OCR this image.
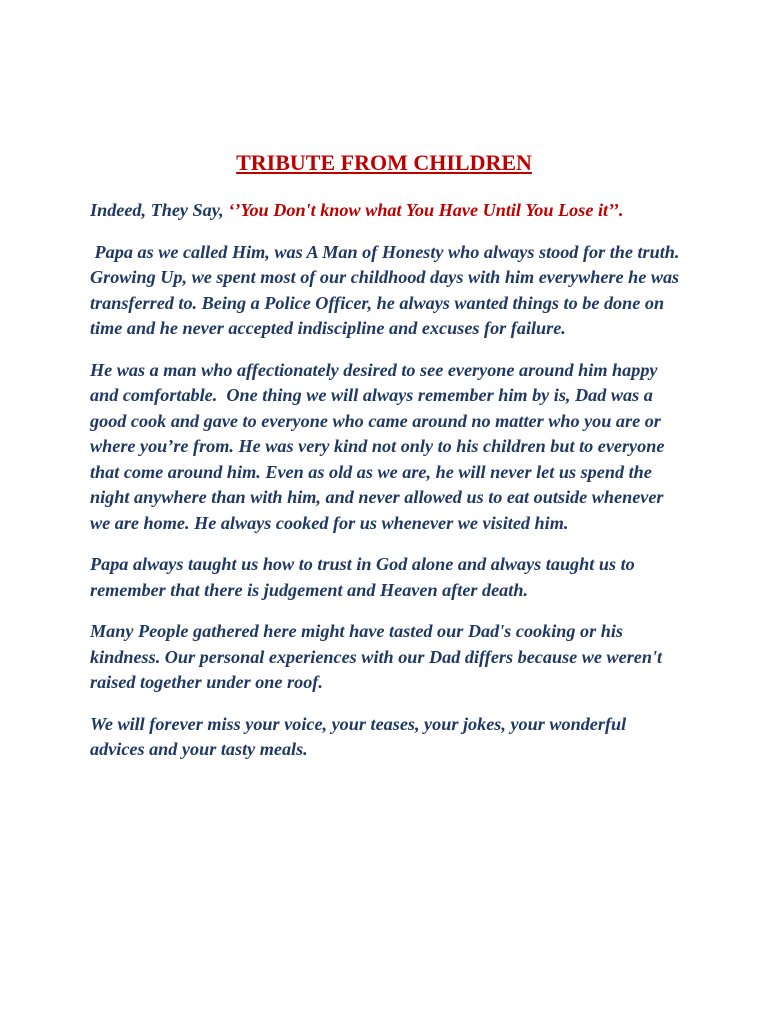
TRIBUTE FROM CHILDREN

Indeed, They Say, ‘’You Don't know what You Have Until You Lose it’’.

Papa as we called Him, was A Man of Honesty who always stood for the truth. Growing Up, we spent most of our childhood days with him everywhere he was transferred to. Being a Police Officer, he always wanted things to be done on time and he never accepted indiscipline and excuses for failure.

He was a man who affectionately desired to see everyone around him happy and comfortable.  One thing we will always remember him by is, Dad was a good cook and gave to everyone who came around no matter who you are or where you’re from. He was very kind not only to his children but to everyone that come around him. Even as old as we are, he will never let us spend the night anywhere than with him, and never allowed us to eat outside whenever we are home. He always cooked for us whenever we visited him.

Papa always taught us how to trust in God alone and always taught us to remember that there is judgement and Heaven after death.

Many People gathered here might have tasted our Dad's cooking or his kindness. Our personal experiences with our Dad differs because we weren't raised together under one roof.

We will forever miss your voice, your teases, your jokes, your wonderful advices and your tasty meals.
